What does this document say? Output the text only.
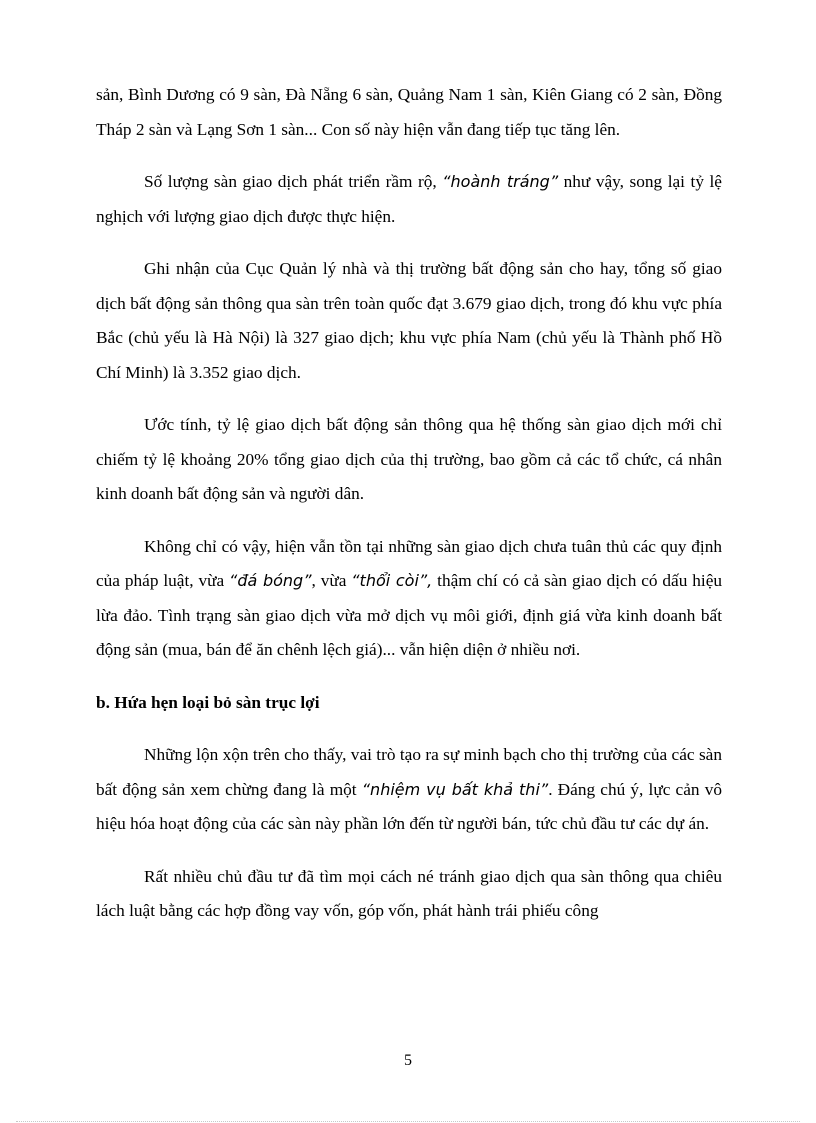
sản, Bình Dương có 9 sàn, Đà Nẵng 6 sàn, Quảng Nam 1 sàn, Kiên Giang có 2 sàn, Đồng Tháp 2 sàn và Lạng Sơn 1 sàn... Con số này hiện vẫn đang tiếp tục tăng lên.

Số lượng sàn giao dịch phát triển rầm rộ, “hoành tráng” như vậy, song lại tỷ lệ nghịch với lượng giao dịch được thực hiện.

Ghi nhận của Cục Quản lý nhà và thị trường bất động sản cho hay, tổng số giao dịch bất động sản thông qua sàn trên toàn quốc đạt 3.679 giao dịch, trong đó khu vực phía Bắc (chủ yếu là Hà Nội) là 327 giao dịch; khu vực phía Nam (chủ yếu là Thành phố Hồ Chí Minh) là 3.352 giao dịch.

Ước tính, tỷ lệ giao dịch bất động sản thông qua hệ thống sàn giao dịch mới chỉ chiếm tỷ lệ khoảng 20% tổng giao dịch của thị trường, bao gồm cả các tổ chức, cá nhân kinh doanh bất động sản và người dân.

Không chỉ có vậy, hiện vẫn tồn tại những sàn giao dịch chưa tuân thủ các quy định của pháp luật, vừa “đá bóng”, vừa “thổi còi”, thậm chí có cả sàn giao dịch có dấu hiệu lừa đảo. Tình trạng sàn giao dịch vừa mở dịch vụ môi giới, định giá vừa kinh doanh bất động sản (mua, bán để ăn chênh lệch giá)... vẫn hiện diện ở nhiều nơi.

b. Hứa hẹn loại bỏ sàn trục lợi

Những lộn xộn trên cho thấy, vai trò tạo ra sự minh bạch cho thị trường của các sàn bất động sản xem chừng đang là một “nhiệm vụ bất khả thi”. Đáng chú ý, lực cản vô hiệu hóa hoạt động của các sàn này phần lớn đến từ người bán, tức chủ đầu tư các dự án.

Rất nhiều chủ đầu tư đã tìm mọi cách né tránh giao dịch qua sàn thông qua chiêu lách luật bằng các hợp đồng vay vốn, góp vốn, phát hành trái phiếu công

5
